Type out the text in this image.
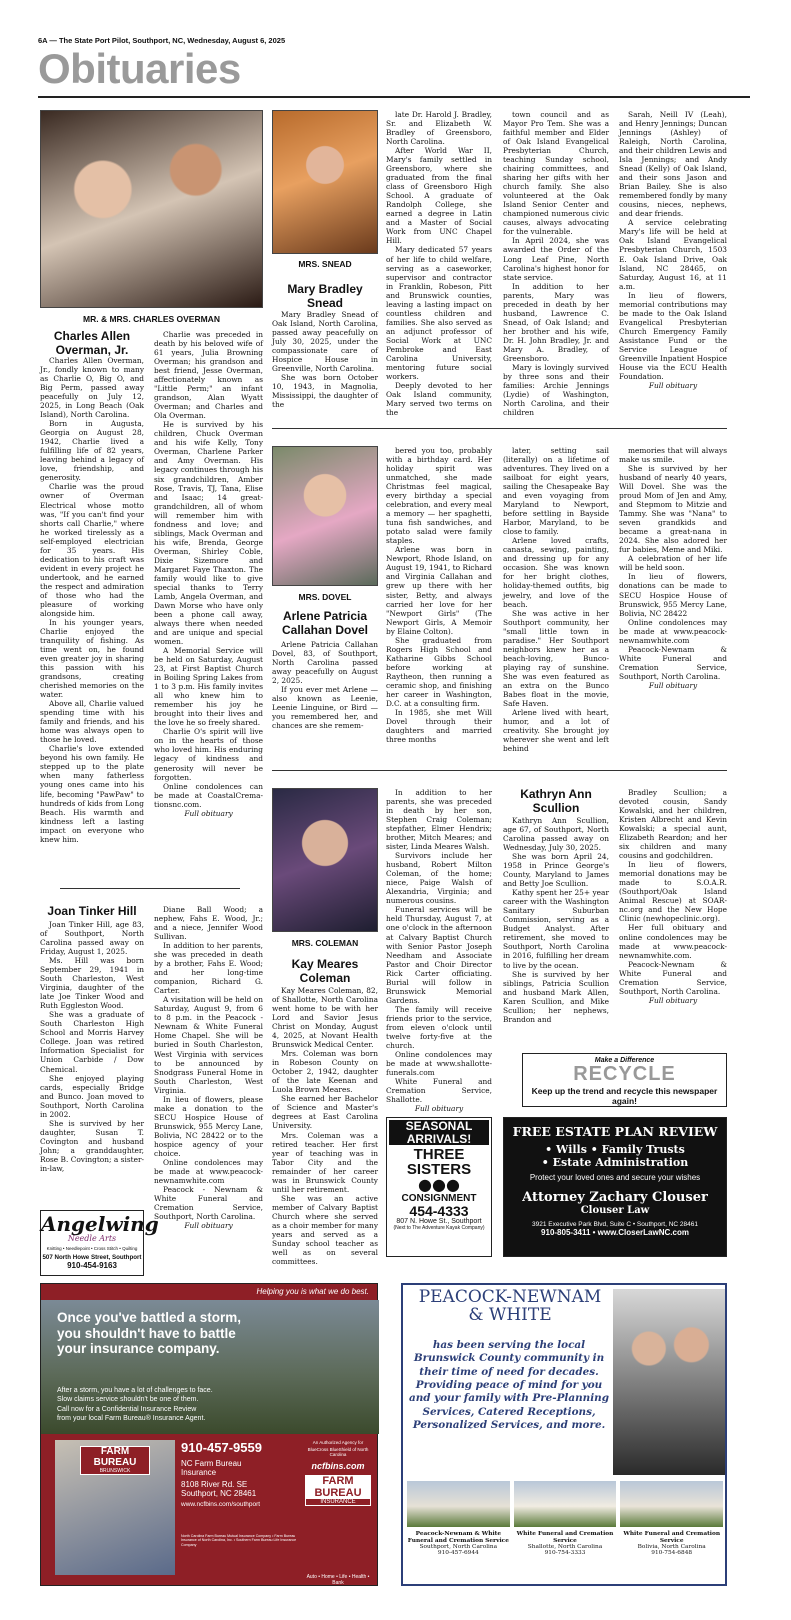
6A — The State Port Pilot, Southport, NC, Wednesday, August 6, 2025
Obituaries
MR. & MRS. CHARLES OVERMAN
Charles Allen Overman, Jr.

Charles Allen Overman, Jr., fondly known to many as Charlie O, Big O, and Big Perm, passed away peacefully on July 12, 2025, in Long Beach (Oak Island), North Carolina.

Born in Augusta, Georgia on August 28, 1942, Charlie lived a fulfilling life of 82 years, leaving behind a legacy of love, friendship, and generosity.

Charlie was the proud owner of Overman Electrical whose motto was, "If you can't find your shorts call Charlie," where he worked tirelessly as a self-employed electrician for 35 years. His dedication to his craft was evident in every project he undertook, and he earned the respect and admiration of those who had the pleasure of working alongside him.

In his younger years, Charlie enjoyed the tranquility of fishing. As time went on, he found even greater joy in sharing this passion with his grandsons, creating cherished memories on the water.

Above all, Charlie valued spending time with his family and friends, and his home was always open to those he loved.

Charlie's love extended beyond his own family. He stepped up to the plate when many fatherless young ones came into his life, becoming "PawPaw" to hundreds of kids from Long Beach. His warmth and kindness left a lasting impact on everyone who knew him.

Charlie was preceded in death by his beloved wife of 61 years, Julia Browning Overman; his grandson and best friend, Jesse Overman, affectionately known as "Little Perm;" an infant grandson, Alan Wyatt Overman; and Charles and Ola Overman.

He is survived by his children, Chuck Overman and his wife Kelly, Tony Overman, Charlene Parker and Amy Overman. His legacy continues through his six grandchildren, Amber Rose, Travis, TJ, Tana, Elise and Isaac; 14 great-grandchildren, all of whom will remember him with fondness and love; and siblings, Mack Overman and his wife, Brenda, George Overman, Shirley Coble, Dixie Sizemore and Margaret Faye Thaxton. The family would like to give special thanks to Terry Lamb, Angela Overman, and Dawn Morse who have only been a phone call away, always there when needed and are unique and special women.

A Memorial Service will be held on Saturday, August 23, at First Baptist Church in Boiling Spring Lakes from 1 to 3 p.m. His family invites all who knew him to remember his joy he brought into their lives and the love he so freely shared.

Charlie O's spirit will live on in the hearts of those who loved him. His enduring legacy of kindness and generosity will never be forgotten.

Online condolences can be made at CoastalCrema-tionsnc.com.

Full obituary

MRS. SNEAD
Mary Bradley Snead

Mary Bradley Snead of Oak Island, North Carolina, passed away peacefully on July 30, 2025, under the compassionate care of Hospice House in Greenville, North Carolina.

She was born October 10, 1943, in Magnolia, Mississippi, the daughter of the

late Dr. Harold J. Bradley, Sr. and Elizabeth W. Bradley of Greensboro, North Carolina.

After World War II, Mary's family settled in Greensboro, where she graduated from the final class of Greensboro High School. A graduate of Randolph College, she earned a degree in Latin and a Master of Social Work from UNC Chapel Hill.

Mary dedicated 57 years of her life to child welfare, serving as a caseworker, supervisor and contractor in Franklin, Robeson, Pitt and Brunswick counties, leaving a lasting impact on countless children and families. She also served as an adjunct professor of Social Work at UNC Pembroke and East Carolina University, mentoring future social workers.

Deeply devoted to her Oak Island community, Mary served two terms on the

town council and as Mayor Pro Tem. She was a faithful member and Elder of Oak Island Evangelical Presbyterian Church, teaching Sunday school, chairing committees, and sharing her gifts with her church family. She also volunteered at the Oak Island Senior Center and championed numerous civic causes, always advocating for the vulnerable.

In April 2024, she was awarded the Order of the Long Leaf Pine, North Carolina's highest honor for state service.

In addition to her parents, Mary was preceded in death by her husband, Lawrence C. Snead, of Oak Island; and her brother and his wife, Dr. H. John Bradley, Jr. and Mary A. Bradley, of Greensboro.

Mary is lovingly survived by three sons and their families: Archie Jennings (Lydie) of Washington, North Carolina, and their children

Sarah, Neill IV (Leah), and Henry Jennings; Duncan Jennings (Ashley) of Raleigh, North Carolina, and their children Lewis and Isla Jennings; and Andy Snead (Kelly) of Oak Island, and their sons Jason and Brian Bailey. She is also remembered fondly by many cousins, nieces, nephews, and dear friends.

A service celebrating Mary's life will be held at Oak Island Evangelical Presbyterian Church, 1503 E. Oak Island Drive, Oak Island, NC 28465, on Saturday, August 16, at 11 a.m.

In lieu of flowers, memorial contributions may be made to the Oak Island Evangelical Presbyterian Church Emergency Family Assistance Fund or the Service League of Greenville Inpatient Hospice House via the ECU Health Foundation.

Full obituary

MRS. DOVEL
Arlene Patricia Callahan Dovel

Arlene Patricia Callahan Dovel, 83, of Southport, North Carolina passed away peacefully on August 2, 2025.

If you ever met Arlene — also known as Leenie, Leenie Linguine, or Bird — you remembered her, and chances are she remem-

bered you too, probably with a birthday card. Her holiday spirit was unmatched, she made Christmas feel magical, every birthday a special celebration, and every meal a memory — her spaghetti, tuna fish sandwiches, and potato salad were family staples.

Arlene was born in Newport, Rhode Island, on August 19, 1941, to Richard and Virginia Callahan and grew up there with her sister, Betty, and always carried her love for her "Newport Girls" (The Newport Girls, A Memoir by Elaine Colton).

She graduated from Rogers High School and Katharine Gibbs School before working at Raytheon, then running a ceramic shop, and finishing her career in Washington, D.C. at a consulting firm.

In 1985, she met Will Dovel through their daughters and married three months

later, setting sail (literally) on a lifetime of adventures. They lived on a sailboat for eight years, sailing the Chesapeake Bay and even voyaging from Maryland to Newport, before settling in Bayside Harbor, Maryland, to be close to family.

Arlene loved crafts, canasta, sewing, painting, and dressing up for any occasion. She was known for her bright clothes, holiday-themed outfits, big jewelry, and love of the beach.

She was active in her Southport community, her "small little town in paradise." Her Southport neighbors knew her as a beach-loving, Bunco-playing ray of sunshine. She was even featured as an extra on the Bunco Babes float in the movie, Safe Haven.

Arlene lived with heart, humor, and a lot of creativity. She brought joy wherever she went and left behind

memories that will always make us smile.

She is survived by her husband of nearly 40 years, Will Dovel. She was the proud Mom of Jen and Amy, and Stepmom to Mitzie and Tammy. She was "Nana" to seven grandkids and became a great-nana in 2024. She also adored her fur babies, Meme and Miki.

A celebration of her life will be held soon.

In lieu of flowers, donations can be made to SECU Hospice House of Brunswick, 955 Mercy Lane, Bolivia, NC 28422

Online condolences may be made at www.peacock-newnamwhite.com

Peacock-Newnam & White Funeral and Cremation Service, Southport, North Carolina.

Full obituary

Joan Tinker Hill

Joan Tinker Hill, age 83, of Southport, North Carolina passed away on Friday, August 1, 2025.

Ms. Hill was born September 29, 1941 in South Charleston, West Virginia, daughter of the late Joe Tinker Wood and Ruth Eggleston Wood.

She was a graduate of South Charleston High School and Morris Harvey College. Joan was retired Information Specialist for Union Carbide / Dow Chemical.

She enjoyed playing cards, especially Bridge and Bunco. Joan moved to Southport, North Carolina in 2002.

She is survived by her daughter, Susan T. Covington and husband John; a granddaughter, Rose B. Covington; a sister-in-law,

Diane Ball Wood; a nephew, Fahs E. Wood, Jr.; and a niece, Jennifer Wood Sullivan.

In addition to her parents, she was preceded in death by a brother, Fahs E. Wood; and her long-time companion, Richard G. Carter.

A visitation will be held on Saturday, August 9, from 6 to 8 p.m. in the Peacock - Newnam & White Funeral Home Chapel. She will be buried in South Charleston, West Virginia with services to be announced by Snodgrass Funeral Home in South Charleston, West Virginia.

In lieu of flowers, please make a donation to the SECU Hospice House of Brunswick, 955 Mercy Lane, Bolivia, NC 28422 or to the hospice agency of your choice.

Online condolences may be made at www.peacock-newnamwhite.com

Peacock - Newnam & White Funeral and Cremation Service, Southport, North Carolina.

Full obituary

Angelwing
Needle Arts
Knitting • Needlepoint • Cross Stitch • Quilting
507 North Howe Street, Southport
910-454-9163
MRS. COLEMAN
Kay Meares Coleman

Kay Meares Coleman, 82, of Shallotte, North Carolina went home to be with her Lord and Savior Jesus Christ on Monday, August 4, 2025, at Novant Health Brunswick Medical Center.

Mrs. Coleman was born in Robeson County on October 2, 1942, daughter of the late Keenan and Luola Brown Meares.

She earned her Bachelor of Science and Master's degrees at East Carolina University.

Mrs. Coleman was a retired teacher. Her first year of teaching was in Tabor City and the remainder of her career was in Brunswick County until her retirement.

She was an active member of Calvary Baptist Church where she served as a choir member for many years and served as a Sunday school teacher as well as on several committees.

In addition to her parents, she was preceded in death by her son, Stephen Craig Coleman; stepfather, Elmer Hendrix; brother, Mitch Meares; and sister, Linda Meares Walsh.

Survivors include her husband, Robert Milton Coleman, of the home; niece, Paige Walsh of Alexandria, Virginia; and numerous cousins.

Funeral services will be held Thursday, August 7, at one o'clock in the afternoon at Calvary Baptist Church with Senior Pastor Joseph Needham and Associate Pastor and Choir Director Rick Carter officiating. Burial will follow in Brunswick Memorial Gardens.

The family will receive friends prior to the service, from eleven o'clock until twelve forty-five at the church.

Online condolences may be made at www.shallotte-funerals.com

White Funeral and Cremation Service, Shallotte.

Full obituary

Kathryn Ann Scullion

Kathryn Ann Scullion, age 67, of Southport, North Carolina passed away on Wednesday, July 30, 2025.

She was born April 24, 1958 in Prince George's County, Maryland to James and Betty Joe Scullion.

Kathy spent her 25+ year career with the Washington Sanitary Suburban Commission, serving as a Budget Analyst. After retirement, she moved to Southport, North Carolina in 2016, fulfilling her dream to live by the ocean.

She is survived by her siblings, Patricia Scullion and husband Mark Allen, Karen Scullion, and Mike Scullion; her nephews, Brandon and

Bradley Scullion; a devoted cousin, Sandy Kowalski, and her children, Kristen Albrecht and Kevin Kowalski; a special aunt, Elizabeth Reardon; and her six children and many cousins and godchildren.

In lieu of flowers, memorial donations may be made to S.O.A.R. (Southport/Oak Island Animal Rescue) at SOAR-nc.org and the New Hope Clinic (newhopeclinic.org).

Her full obituary and online condolences may be made at www.peacock-newnamwhite.com.

Peacock-Newnam & White Funeral and Cremation Service, Southport, North Carolina.

Full obituary

Make a Difference
RECYCLE
Keep up the trend and recycle this newspaper again!
SEASONAL
ARRIVALS!
THREE
SISTERS
●●●
CONSIGNMENT
454-4333
807 N. Howe St., Southport
(Next to The Adventure Kayak Company)
FREE ESTATE PLAN REVIEW
• Wills • Family Trusts
• Estate Administration
Protect your loved ones and secure your wishes
Attorney Zachary Clouser
Clouser Law
3921 Executive Park Blvd, Suite C • Southport, NC 28461
910-805-3411 • www.CloserLawNC.com
Helping you is what we do best.
Once you've battled a storm, you shouldn't have to battle your insurance company.
After a storm, you have a lot of challenges to face.
Slow claims service shouldn't be one of them.
Call now for a Confidential Insurance Review
from your local Farm Bureau® Insurance Agent.
FARM
BUREAU
BRUNSWICK
910-457-9559
NC Farm Bureau
Insurance
8108 River Rd. SE
Southport, NC 28461
www.ncfbins.com/southport
An Authorized Agency for
BlueCross BlueShield of North Carolina
ncfbins.com
FARM
BUREAU
INSURANCE
North Carolina Farm Bureau Mutual Insurance Company • Farm Bureau Insurance of North Carolina, Inc. • Southern Farm Bureau Life Insurance Company
Auto • Home • Life • Health • Bank
PEACOCK-NEWNAM
& WHITE
has been serving the local Brunswick County community in their time of need for decades. Providing peace of mind for you and your family with Pre-Planning Services, Catered Receptions, Personalized Services, and more.
Peacock-Newnam & White Funeral and Cremation Service
Southport, North Carolina
910-457-6944
White Funeral and Cremation Service
Shallotte, North Carolina
910-754-3333
White Funeral and Cremation Service
Bolivia, North Carolina
910-754-6848
